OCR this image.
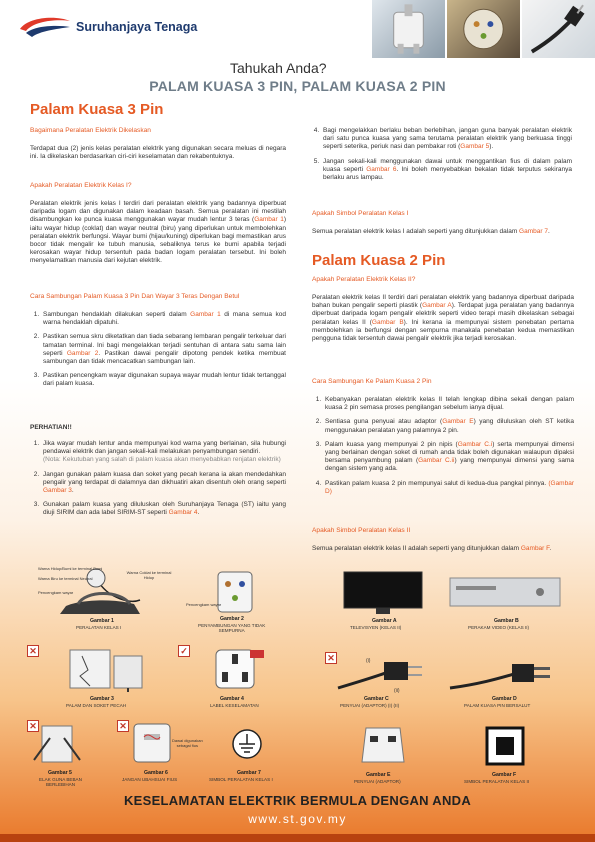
Suruhanjaya Tenaga
Tahukah Anda?
PALAM KUASA 3 PIN, PALAM KUASA 2 PIN
Palam Kuasa 3 Pin
Bagaimana Peralatan Elektrik Dikelaskan
Terdapat dua (2) jenis kelas peralatan elektrik yang digunakan secara meluas di negara ini. Ia dikelaskan berdasarkan ciri-ciri keselamatan dan rekabentuknya.
Apakah Peralatan Elektrik Kelas I?
Peralatan elektrik jenis kelas I terdiri dari peralatan elektrik yang badannya diperbuat daripada logam dan digunakan dalam keadaan basah. Semua peralatan ini mestilah disambungkan ke punca kuasa menggunakan wayar mudah lentur 3 teras (Gambar 1) iaitu wayar hidup (coklat) dan wayar neutral (biru) yang diperlukan untuk membolehkan peralatan elektrik berfungsi. Wayar bumi (hijau/kuning) diperlukan bagi memastikan arus bocor tidak mengalir ke tubuh manusia, sebaliknya terus ke bumi apabila terjadi kerosakan wayar hidup tersentuh pada badan logam peralatan tersebut. Ini boleh menyelamatkan manusia dari kejutan elektrik.
Cara Sambungan Palam Kuasa 3 Pin Dan Wayar 3 Teras Dengan Betul
1. Sambungan hendaklah dilakukan seperti dalam Gambar 1 di mana semua kod warna hendaklah dipatuhi.
2. Pastikan semua skru diketatkan dan tiada sebarang lembaran pengalir terkeluar dari tamatan terminal. Ini bagi mengelakkan terjadi sentuhan di antara satu sama lain seperti Gambar 2. Pastikan dawai pengalir dipotong pendek ketika membuat sambungan dan tidak mencacatkan sambungan lain.
3. Pastikan pencengkam wayar digunakan supaya wayar mudah lentur tidak tertanggal dari palam kuasa.
PERHATIAN!!
1. Jika wayar mudah lentur anda mempunyai kod warna yang berlainan, sila hubungi pendawai elektrik dan jangan sekali-kali melakukan penyambungan sendiri.
(Nota: Kekutuban yang salah di palam kuasa akan menyebabkan renjatan elektrik)
2. Jangan gunakan palam kuasa dan soket yang pecah kerana ia akan mendedahkan pengalir yang terdapat di dalamnya dan dikhuatiri akan disentuh oleh orang seperti Gambar 3.
3. Gunakan palam kuasa yang diluluskan oleh Suruhanjaya Tenaga (ST) iaitu yang diuji SIRIM dan ada label SIRIM-ST seperti Gambar 4.
4. Bagi mengelakkan berlaku beban berlebihan, jangan guna banyak peralatan elektrik dari satu punca kuasa yang sama terutama peralatan elektrik yang berkuasa tinggi seperti seterika, periuk nasi dan pembakar roti (Gambar 5).
5. Jangan sekali-kali menggunakan dawai untuk menggantikan fius di dalam palam kuasa seperti Gambar 6. Ini boleh menyebabkan bekalan tidak terputus sekiranya berlaku arus lampau.
Apakah Simbol Peralatan Kelas I
Semua peralatan elektrik kelas I adalah seperti yang ditunjukkan dalam Gambar 7.
Palam Kuasa 2 Pin
Apakah Peralatan Elektrik Kelas II?
Peralatan elektrik kelas II terdiri dari peralatan elektrik yang badannya diperbuat daripada bahan bukan pengalir seperti plastik (Gambar A). Terdapat juga peralatan yang badannya diperbuat daripada logam pengalir elektrik seperti video terapi masih dikelaskan sebagai peralatan kelas II (Gambar B). Ini kerana ia mempunyai sistem penebatan pertama membolehkan ia berfungsi dengan sempurna manakala penebatan kedua memastikan pengguna tidak tersentuh dawai pengalir elektrik jika terjadi kerosakan.
Cara Sambungan Ke Palam Kuasa 2 Pin
1. Kebanyakan peralatan elektrik kelas II telah lengkap dibina sekali dengan palam kuasa 2 pin semasa proses pengilangan sebelum ianya dijual.
2. Sentiasa guna penyuai atau adaptor (Gambar E) yang diluluskan oleh ST ketika menggunakan peralatan yang palamnya 2 pin.
3. Palam kuasa yang mempunyai 2 pin nipis (Gambar C.i) serta mempunyai dimensi yang berlainan dengan soket di rumah anda tidak boleh digunakan walaupun dipaksi bersama penyambung palam (Gambar C.ii) yang mempunyai dimensi yang sama dengan sistem yang ada.
4. Pastikan palam kuasa 2 pin mempunyai salut di kedua-dua pangkal pinnya. (Gambar D)
Apakah Simbol Peralatan Kelas II
Semua peralatan elektrik kelas II adalah seperti yang ditunjukkan dalam Gambar F.
Warna Hidup/Bumi ke terminal Bumi
Warna Biru ke terminal Neutral
Warna Coklat ke terminal Hidup
Pencengkam wayar
Gambar 1
PERALATAN KELAS I
Pencengkam wayar
Gambar 2
PENYAMBUNGAN YANG TIDAK
SEMPURNA
✕
Gambar 3
PALAM DAN SOKET PECAH
✓
Gambar 4
LABEL KESELAMATAN
✕
Gambar 5
ELAK GUNA BEBAN BERLEBIHAN
✕
Dawai digunakan
sebagai fius
Gambar 6
JANGAN UBAHSUAI FIUS
Gambar 7
SIMBOL PERALATAN KELAS I
Gambar A
TELEVISYEN (KELAS II)
Gambar B
PERAKAM VIDEO (KELAS II)
✕	(i)
(ii)
Gambar C
PENYUAI (ADAPTOR) (I) (II)
Gambar D
PALAM KUASA PIN BERSALUT
Gambar E
PENYUAI (ADAPTOR)
Gambar F
SIMBOL PERALATAN KELAS II
KESELAMATAN ELEKTRIK BERMULA DENGAN ANDA
www.st.gov.my
